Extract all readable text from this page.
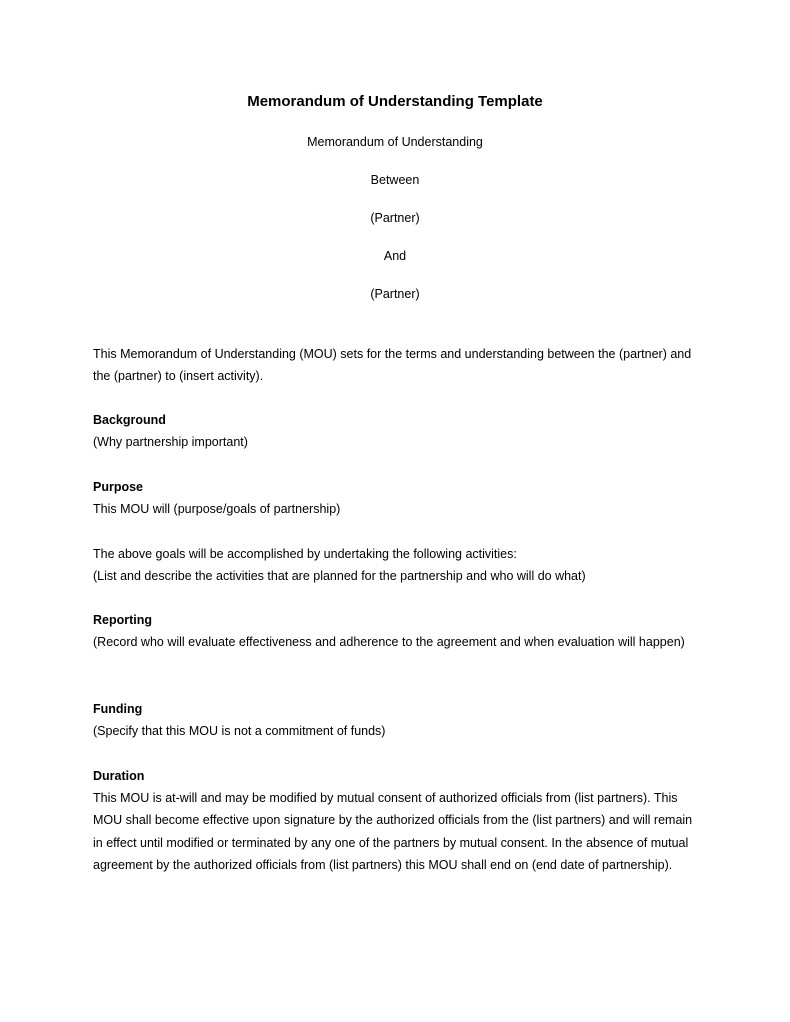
Memorandum of Understanding Template
Memorandum of Understanding
Between
(Partner)
And
(Partner)
This Memorandum of Understanding (MOU) sets for the terms and understanding between the (partner) and the (partner) to (insert activity).
Background
(Why partnership important)
Purpose
This MOU will (purpose/goals of partnership)
The above goals will be accomplished by undertaking the following activities:
(List and describe the activities that are planned for the partnership and who will do what)
Reporting
(Record who will evaluate effectiveness and adherence to the agreement and when evaluation will happen)
Funding
(Specify that this MOU is not a commitment of funds)
Duration
This MOU is at-will and may be modified by mutual consent of authorized officials from (list partners). This MOU shall become effective upon signature by the authorized officials from the (list partners) and will remain in effect until modified or terminated by any one of the partners by mutual consent. In the absence of mutual agreement by the authorized officials from (list partners) this MOU shall end on (end date of partnership).
